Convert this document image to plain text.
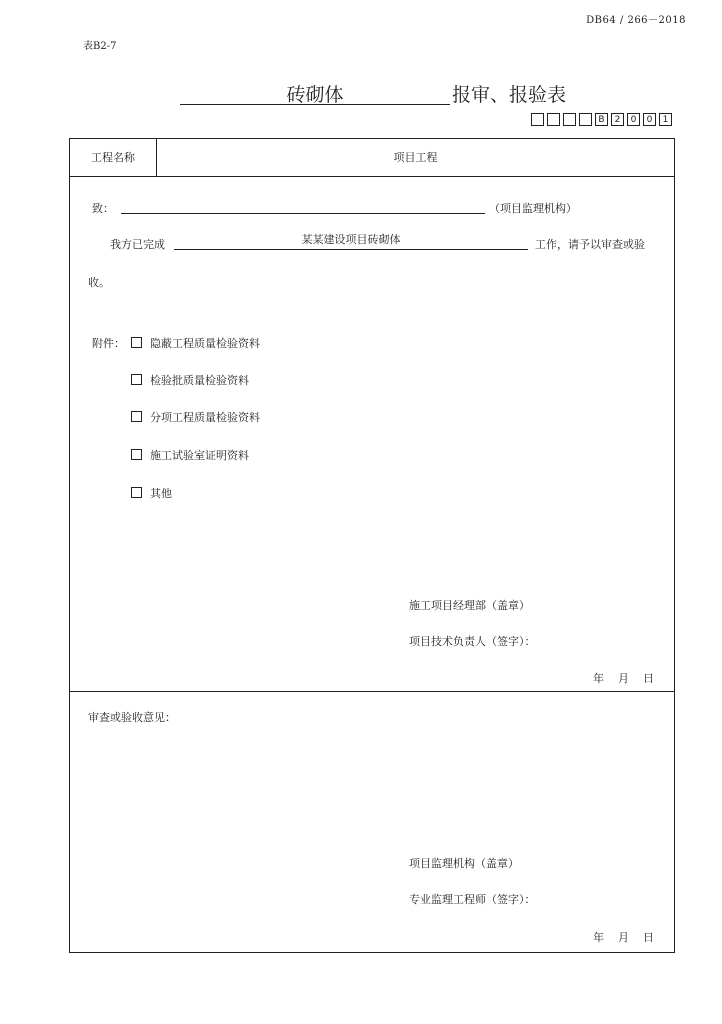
DB64 / 266－2018
表B2-7
砖砌体	报审、报验表
B	2	0	0	1
工程名称	项目工程
致：	（项目监理机构）
我方已完成	某某建设项目砖砌体	工作，请予以审查或验
收。
附件：	隐蔽工程质量检验资料
检验批质量检验资料
分项工程质量检验资料
施工试验室证明资料
其他
施工项目经理部（盖章）
项目技术负责人（签字）：
年    月    日
审查或验收意见：
项目监理机构（盖章）
专业监理工程师（签字）：
年    月    日
